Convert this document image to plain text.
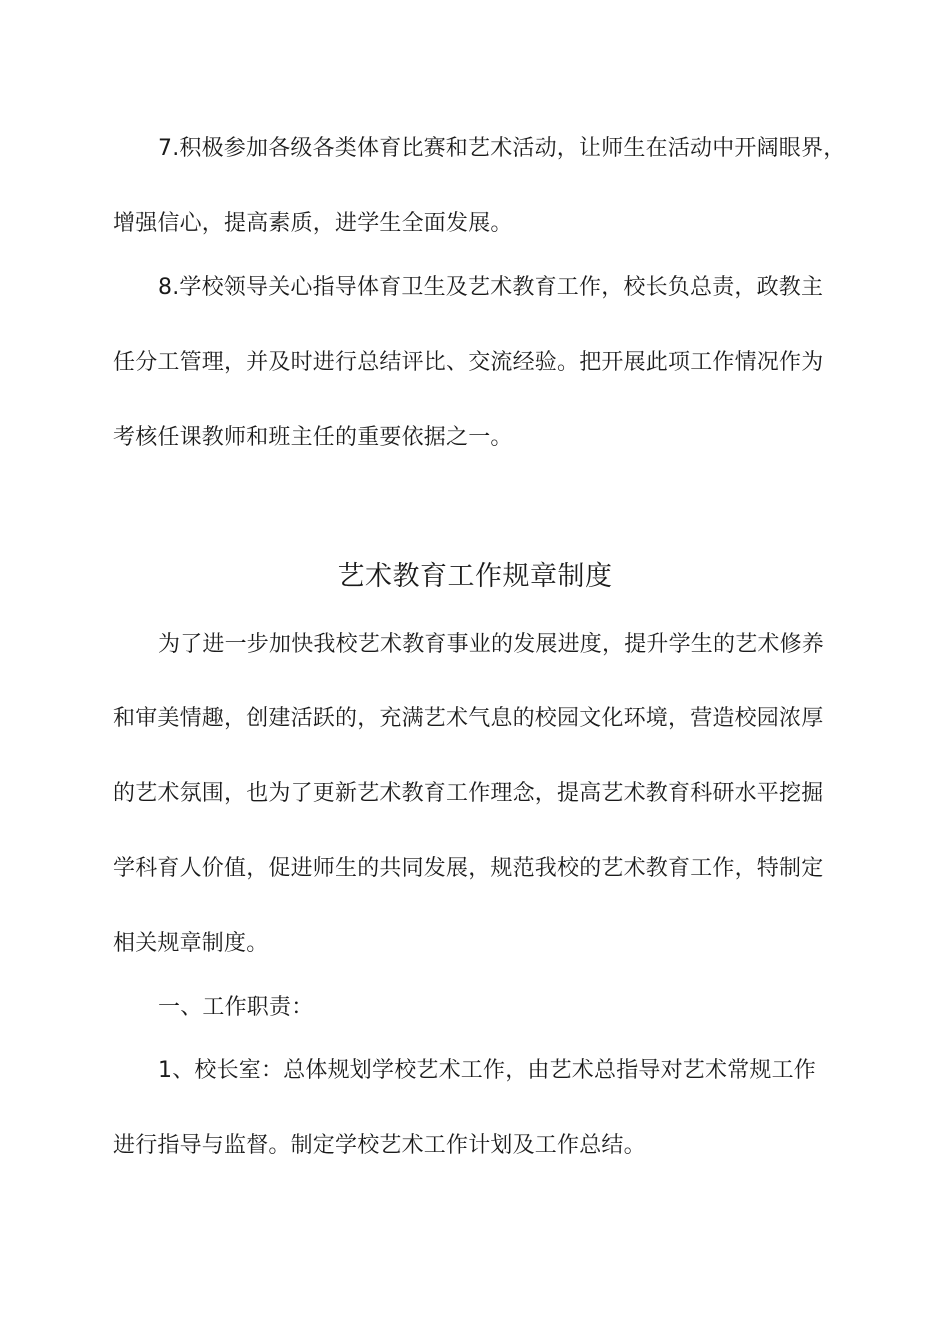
7.积极参加各级各类体育比赛和艺术活动，让师生在活动中开阔眼界，
增强信心，提高素质，进学生全面发展。
8.学校领导关心指导体育卫生及艺术教育工作，校长负总责，政教主
任分工管理，并及时进行总结评比、交流经验。把开展此项工作情况作为
考核任课教师和班主任的重要依据之一。
艺术教育工作规章制度
为了进一步加快我校艺术教育事业的发展进度，提升学生的艺术修养
和审美情趣，创建活跃的，充满艺术气息的校园文化环境，营造校园浓厚
的艺术氛围，也为了更新艺术教育工作理念，提高艺术教育科研水平挖掘
学科育人价值，促进师生的共同发展，规范我校的艺术教育工作，特制定
相关规章制度。
一、工作职责：
1、校长室：总体规划学校艺术工作，由艺术总指导对艺术常规工作
进行指导与监督。制定学校艺术工作计划及工作总结。
